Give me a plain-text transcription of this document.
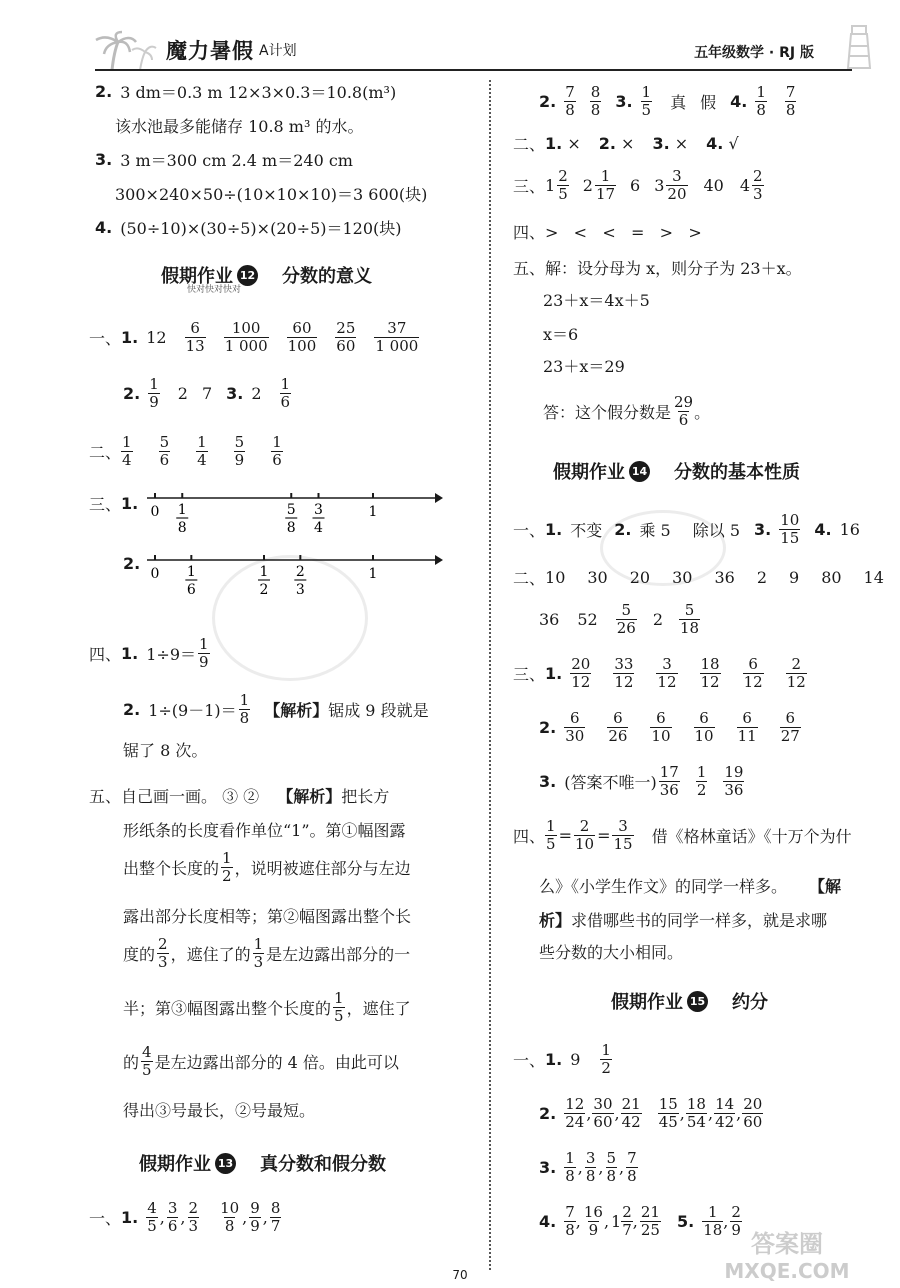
魔力暑假 A计划	五年级数学 · RJ 版
2. 3 dm＝0.3 m 12×3×0.3＝10.8(m³)
该水池最多能储存 10.8 m³ 的水。
3. 3 m＝300 cm 2.4 m＝240 cm
300×240×50÷(10×10×10)＝3 600(块)
4. (50÷10)×(30÷5)×(20÷5)＝120(块)
快对快对快对
假期作业 12 分数的意义
一、 1. $12 \frac{6}{13} \frac{100}{1 000} \frac{60}{100} \frac{25}{60} \frac{37}{1 000}$
2. $\frac{1}{9} 2$ 7 3. $2 \frac{1}{6}$
二、 $\frac{1}{4} \frac{5}{6} \frac{1}{4} \frac{5}{9} \frac{1}{6}$
三、 1. 0	1
1
8
5
8
3
4
2.
0	1
1
6
1
2
2
3
四、 1. $1\div 9= \frac{1}{9}$
2. $1\div(9-1)= \frac{1}{8}$ 【解析】 锯成 9 段就是
锯了 8 次。
五、自己画一画。 ③ ② 【解析】 把长方
形纸条的长度看作单位“1”。第①幅图露
出整个长度的 $\frac{1}{2}$ ，说明被遮住部分与左边
露出部分长度相等；第②幅图露出整个长
度的 $\frac{2}{3}$ ，遮住了的 $\frac{1}{3}$ 是左边露出部分的一
半；第③幅图露出整个长度的 $\frac{1}{5}$ ，遮住了
的 $\frac{4}{5}$ 是左边露出部分的 4 倍。由此可以
得出③号最长，②号最短。
假期作业 13 真分数和假分数
一、 1. $\frac{4}{5}$ , $\frac{3}{6}$ , $\frac{2}{3} \frac{10}{8}$ , $\frac{9}{9}$ , $\frac{8}{7}$
2. $\frac{7}{8} \frac{8}{8} 3$. $\frac{1}{5}$ 真 假 4. $\frac{1}{8} \frac{7}{8}$
二、 1. × 2. × 3. × 4. √
三、 $1 \frac{2}{5} 2 \frac{1}{17} 6$ $3 \frac{3}{20} 40$ $4 \frac{2}{3}$
四、>   <   <   =   >   >
五、 解：设分母为 x，则分子为 23＋x。
23＋x＝4x＋5
x＝6
23＋x＝29
答：这个假分数是 $\frac{29}{6}$ 。
假期作业 14 分数的基本性质
一、 1. 不变 2. 乘 5 除以 5 3. $\frac{10}{15} 4$. 16
二、 10 30 20 30 36 2 9 80 14
36 $52 \frac{5}{26} 2 \frac{5}{18}$
三、 1. $\frac{20}{12} \frac{33}{12} \frac{3}{12} \frac{18}{12} \frac{6}{12} \frac{2}{12}$
2. $\frac{6}{30} \frac{6}{26} \frac{6}{10} \frac{6}{10} \frac{6}{11} \frac{6}{27}$
3. (答案不唯一) $\frac{17}{36} \frac{1}{2} \frac{19}{36}$
四、 $\frac{1}{5} = \frac{2}{10} = \frac{3}{15}$ 借《格林童话》《十万个为什
么》《小学生作文》的同学一样多。 【解
析】 求借哪些书的同学一样多，就是求哪
些分数的大小相同。
假期作业 15 约分
一、 1. $9 \frac{1}{2}$
2. $\frac{12}{24}$ , $\frac{30}{60}$ , $\frac{21}{42} \frac{15}{45}$ , $\frac{18}{54}$ , $\frac{14}{42}$ , $\frac{20}{60}$
3. $\frac{1}{8}$ , $\frac{3}{8}$ , $\frac{5}{8}$ , $\frac{7}{8}$
4. $\frac{7}{8}$ , $\frac{16}{9}$ , $1 \frac{2}{7}$ , $\frac{21}{25} 5$. $\frac{1}{18}$ , $\frac{2}{9}$
70
答案圈
MXQE.COM
